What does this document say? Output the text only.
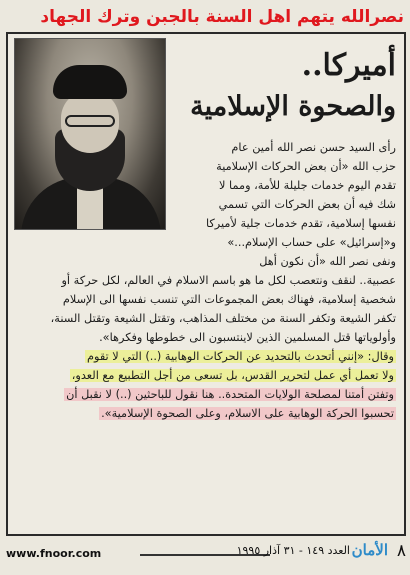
نصرالله يتهم اهل السنة بالجبن وترك الجهاد
أميركا..
والصحوة الإسلامية
رأى السيد حسن نصر الله أمين عام
حزب الله «أن بعض الحركات الإسلامية
تقدم اليوم خدمات جليلة للأمة، ومما لا
شك فيه أن بعض الحركات التي تسمي
نفسها إسلامية، تقدم خدمات جلية لأميركا
و«إسرائيل» على حساب الإسلام...»
ونفى نصر الله «أن نكون أهل
عصبية.. لنقف ونتعصب لكل ما هو باسم الاسلام في العالم، لكل حركة أو
شخصية إسلامية، فهناك بعض المجموعات التي تنسب نفسها الى الإسلام
تكفر الشيعة وتكفر السنة من مختلف المذاهب، وتقتل الشيعة وتقتل السنة،
وأولوياتها قتل المسلمين الذين لاينتسبون الى خطوطها وفكرها».
وقال: «إنني أتحدث بالتحديد عن الحركات الوهابية (..) التي لا تقوم
ولا تعمل أي عمل لتحرير القدس، بل تسعى من أجل التطبيع مع العدو،
وتفتن أمتنا لمصلحة الولايات المتحدة.. هنا نقول للباحثين (..) لا نقبل أن
تحسبوا الحركة الوهابية على الاسلام، وعلى الصحوة الإسلامية».
www.fnoor.com	العدد ١٤٩ - ٣١ آذار ١٩٩٥ الأمان ٨
